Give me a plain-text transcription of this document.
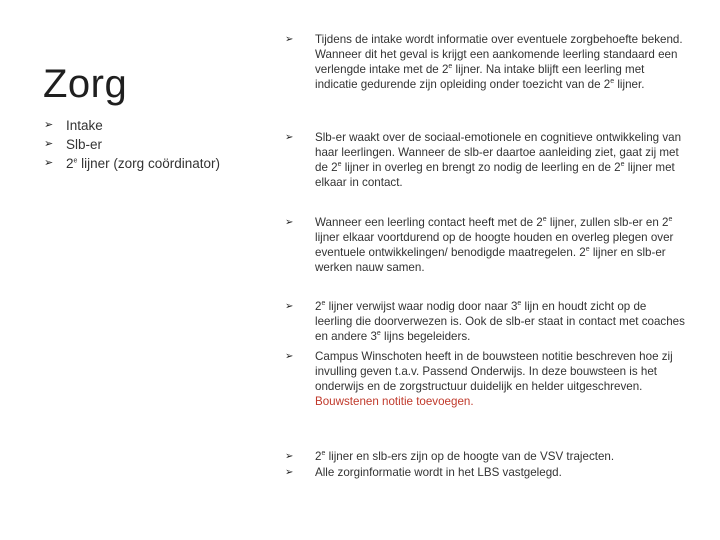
Zorg
➢ Intake
➢ Slb-er
➢ 2e lijner (zorg coördinator)
➢ Tijdens de intake wordt informatie over eventuele zorgbehoefte bekend. Wanneer dit het geval is krijgt een aankomende leerling standaard een verlengde intake met de 2e lijner. Na intake blijft een leerling met indicatie gedurende zijn opleiding onder toezicht van de 2e lijner.

➢ Slb-er waakt over de sociaal-emotionele en cognitieve ontwikkeling van haar leerlingen. Wanneer de slb-er daartoe aanleiding ziet, gaat zij met de 2e lijner in overleg en brengt zo nodig de leerling en de 2e lijner met elkaar in contact.

➢ Wanneer een leerling contact heeft met de 2e lijner, zullen slb-er en 2e lijner elkaar voortdurend op de hoogte houden en overleg plegen over eventuele ontwikkelingen/ benodigde maatregelen. 2e lijner en slb-er werken nauw samen.

➢ 2e lijner verwijst waar nodig door naar 3e lijn en houdt zicht op de leerling die doorverwezen is. Ook de slb-er staat in contact met coaches en andere 3e lijns begeleiders.

➢ Campus Winschoten heeft in de bouwsteen notitie beschreven hoe zij invulling geven t.a.v. Passend Onderwijs. In deze bouwsteen is het onderwijs en de zorgstructuur duidelijk en helder uitgeschreven. Bouwstenen notitie toevoegen.

➢ 2e lijner en slb-ers zijn op de hoogte van de VSV trajecten.

➢ Alle zorginformatie wordt in het LBS vastgelegd.
